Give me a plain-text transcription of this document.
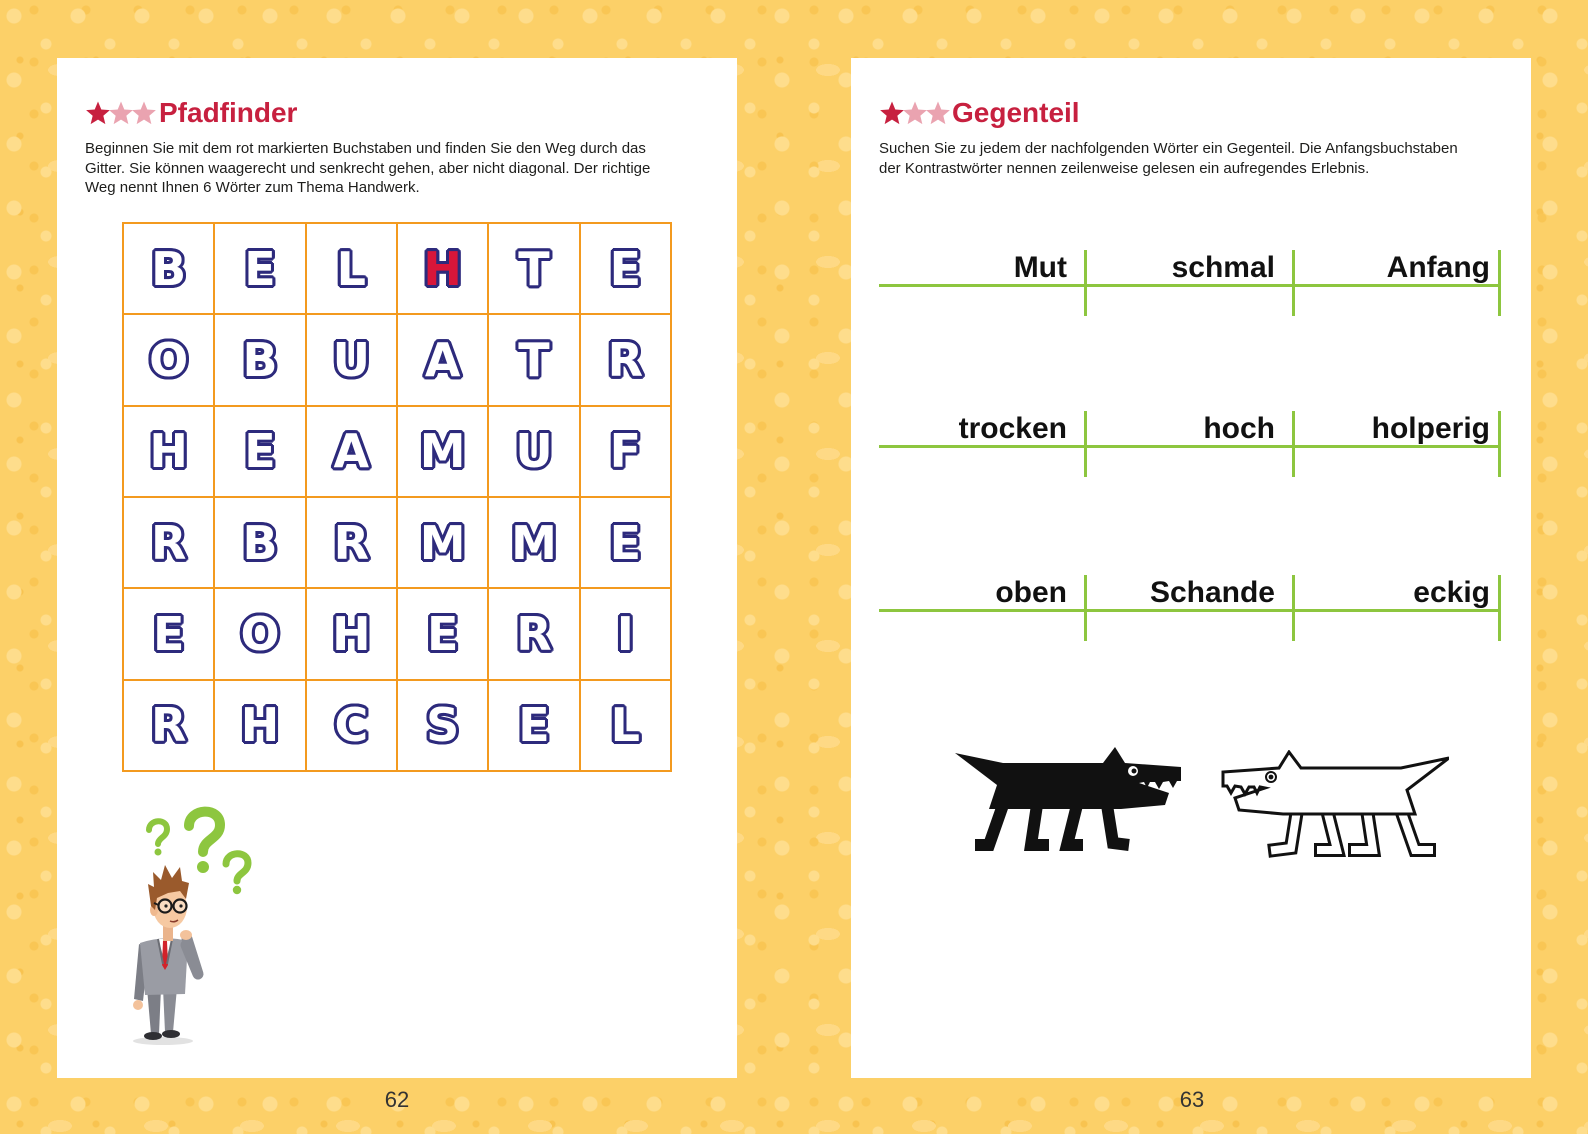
Pfadfinder
Beginnen Sie mit dem rot markierten Buchstaben und finden Sie den Weg durch das
Gitter. Sie können waagerecht und senkrecht gehen, aber nicht diagonal. Der richtige
Weg nennt Ihnen 6 Wörter zum Thema Handwerk.
B E L H T E
O B U A T R
H E A M U F
R B R M M E
E O H E R I
R H C S E L
Gegenteil
Suchen Sie zu jedem der nachfolgenden Wörter ein Gegenteil. Die Anfangsbuchstaben
der Kontrastwörter nennen zeilenweise gelesen ein aufregendes Erlebnis.
Mut	schmal	Anfang
trocken	hoch	holperig
oben	Schande	eckig
62	63
